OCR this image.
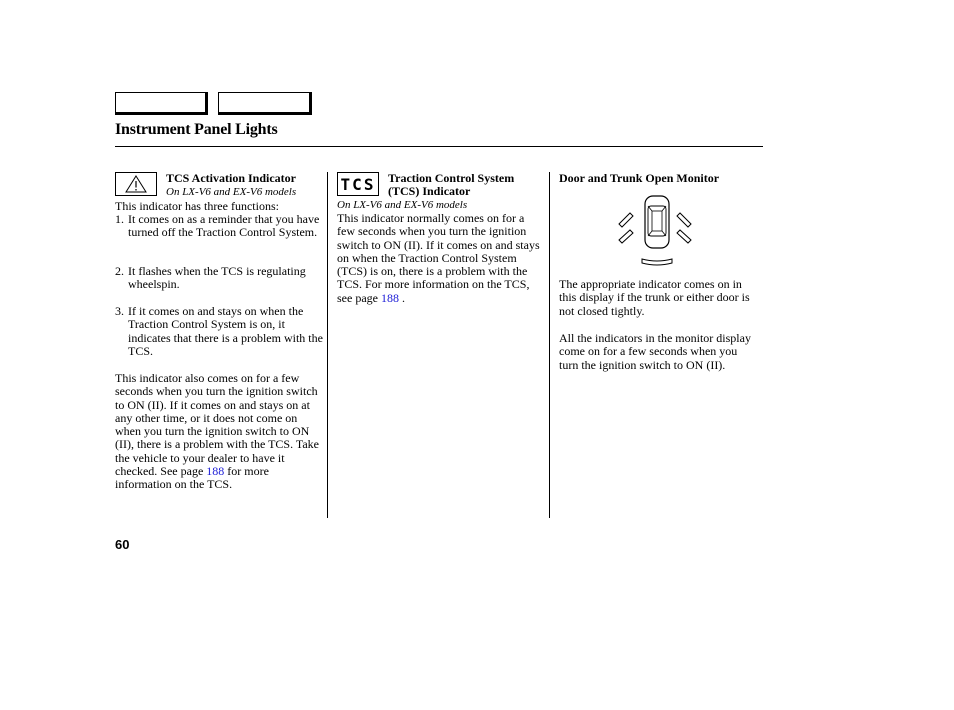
Instrument Panel Lights
TCS Activation Indicator
On LX-V6 and EX-V6 models
This indicator has three functions:
1. It comes on as a reminder that you have turned off the Traction Control System.
2. It flashes when the TCS is regulating wheelspin.
3. If it comes on and stays on when the Traction Control System is on, it indicates that there is a problem with the TCS.
This indicator also comes on for a few seconds when you turn the ignition switch to ON (II). If it comes on and stays on at any other time, or it does not come on when you turn the ignition switch to ON (II), there is a problem with the TCS. Take the vehicle to your dealer to have it checked. See page 188 for more information on the TCS.
TCS Traction Control System (TCS) Indicator
On LX-V6 and EX-V6 models
This indicator normally comes on for a few seconds when you turn the ignition switch to ON (II). If it comes on and stays on when the Traction Control System (TCS) is on, there is a problem with the TCS. For more information on the TCS, see page 188 .
Door and Trunk Open Monitor
The appropriate indicator comes on in this display if the trunk or either door is not closed tightly.
All the indicators in the monitor display come on for a few seconds when you turn the ignition switch to ON (II).
60
